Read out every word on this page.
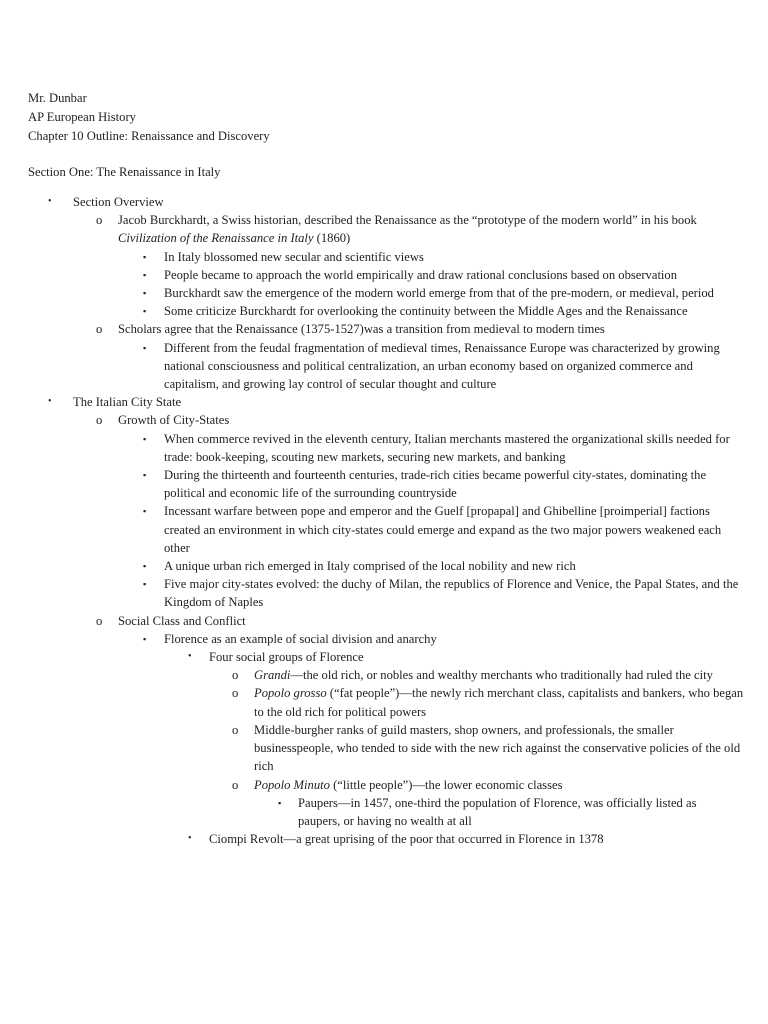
Mr. Dunbar
AP European History
Chapter 10 Outline: Renaissance and Discovery
Section One: The Renaissance in Italy
• Section Overview
o Jacob Burckhardt, a Swiss historian, described the Renaissance as the “prototype of the modern world” in his book Civilization of the Renaissance in Italy (1860)
▪ In Italy blossomed new secular and scientific views
▪ People became to approach the world empirically and draw rational conclusions based on observation
▪ Burckhardt saw the emergence of the modern world emerge from that of the pre-modern, or medieval, period
▪ Some criticize Burckhardt for overlooking the continuity between the Middle Ages and the Renaissance
o Scholars agree that the Renaissance (1375-1527)was a transition from medieval to modern times
▪ Different from the feudal fragmentation of medieval times, Renaissance Europe was characterized by growing national consciousness and political centralization, an urban economy based on organized commerce and capitalism, and growing lay control of secular thought and culture
• The Italian City State
o Growth of City-States
▪ When commerce revived in the eleventh century, Italian merchants mastered the organizational skills needed for trade: book-keeping, scouting new markets, securing new markets, and banking
▪ During the thirteenth and fourteenth centuries, trade-rich cities became powerful city-states, dominating the political and economic life of the surrounding countryside
▪ Incessant warfare between pope and emperor and the Guelf [propapal] and Ghibelline [proimperial] factions created an environment in which city-states could emerge and expand as the two major powers weakened each other
▪ A unique urban rich emerged in Italy comprised of the local nobility and new rich
▪ Five major city-states evolved: the duchy of Milan, the republics of Florence and Venice, the Papal States, and the Kingdom of Naples
o Social Class and Conflict
▪ Florence as an example of social division and anarchy
• Four social groups of Florence
o Grandi—the old rich, or nobles and wealthy merchants who traditionally had ruled the city
o Popolo grosso (“fat people”)—the newly rich merchant class, capitalists and bankers, who began to the old rich for political powers
o Middle-burgher ranks of guild masters, shop owners, and professionals, the smaller businesspeople, who tended to side with the new rich against the conservative policies of the old rich
o Popolo Minuto (“little people”)—the lower economic classes
▪ Paupers—in 1457, one-third the population of Florence, was officially listed as paupers, or having no wealth at all
• Ciompi Revolt—a great uprising of the poor that occurred in Florence in 1378
